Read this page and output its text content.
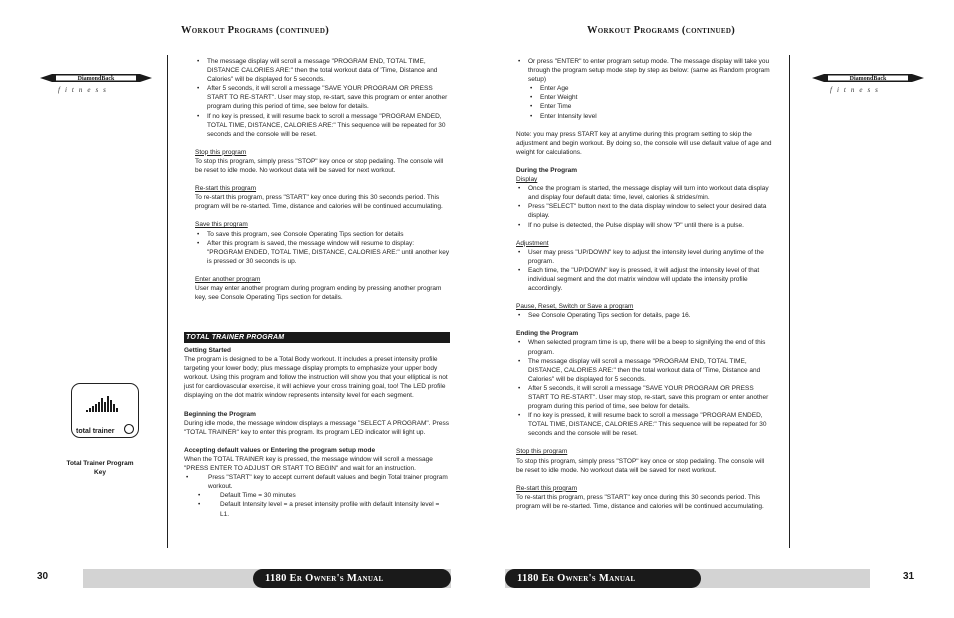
Workout Programs (continued)	Workout Programs (continued)
DiamondBack
fitness
DiamondBack
fitness
• The message display will scroll a message "PROGRAM END, TOTAL TIME, DISTANCE CALORIES ARE:" then the total workout data of 'Time, Distance and Calories" will be displayed for 5 seconds.
• After 5 seconds, it will scroll a message "SAVE YOUR PROGRAM OR PRESS START TO RE-START". User may stop, re-start, save this program or enter another program during this period of time, see below for details.
• If no key is pressed, it will resume back to scroll a message "PROGRAM ENDED, TOTAL TIME, DISTANCE, CALORIES ARE:" This sequence will be repeated for 30 seconds and the console will be reset.
Stop this program
To stop this program, simply press "STOP" key once or stop pedaling. The console will be reset to idle mode. No workout data will be saved for next workout.
Re-start this program
To re-start this program, press "START" key once during this 30 seconds period. This program will be re-started. Time, distance and calories will be continued accumulating.
Save this program
• To save this program, see Console Operating Tips section for details
• After this program is saved, the message window will resume to display: "PROGRAM ENDED, TOTAL TIME, DISTANCE, CALORIES ARE:" until another key is pressed or 30 seconds is up.
Enter another program
User may enter another program during program ending by pressing another program key, see Console Operating Tips section for details.
TOTAL TRAINER PROGRAM
Getting Started
The program is designed to be a Total Body workout. It includes a preset intensity profile targeting your lower body; plus message display prompts to emphasize your upper body workout. Using this program and follow the instruction will show you that your elliptical is not just for cardiovascular exercise, it will achieve your cross training goal, too! The LED profile displaying on the dot matrix window represents intensity level for each segment.
Beginning the Program
During idle mode, the message window displays a message "SELECT A PROGRAM". Press "TOTAL TRAINER" key to enter this program. Its program LED indicator will light up.
Accepting default values or Entering the program setup mode
When the TOTAL TRAINER key is pressed, the message window will scroll a message "PRESS ENTER TO ADJUST OR START TO BEGIN" and wait for an instruction.
• Press "START" key to accept current default values and begin Total trainer program workout.
• Default Time = 30 minutes
• Default Intensity level = a preset intensity profile with default Intensity level = L1.
total trainer
Total Trainer Program Key
• Or press "ENTER" to enter program setup mode. The message display will take you through the program setup mode step by step as below: (same as Random program setup)
• Enter Age
• Enter Weight
• Enter Time
• Enter Intensity level
Note: you may press START key at anytime during this program setting to skip the adjustment and begin workout. By doing so, the console will use default value of age and weight for calculations.
During the Program
Display
• Once the program is started, the message display will turn into workout data display and display four default data: time, level, calories & strides/min.
• Press "SELECT" button next to the data display window to select your desired data display.
• If no pulse is detected, the Pulse display will show "P" until there is a pulse.
Adjustment
• User may press "UP/DOWN" key to adjust the intensity level during anytime of the program.
• Each time, the "UP/DOWN" key is pressed, it will adjust the intensity level of that individual segment and the dot matrix window will update the intensity profile accordingly.
Pause, Reset, Switch or Save a program
• See Console Operating Tips section for details, page 16.
Ending the Program
• When selected program time is up, there will be a beep to signifying the end of this program.
• The message display will scroll a message "PROGRAM END, TOTAL TIME, DISTANCE, CALORIES ARE:" then the total workout data of 'Time, Distance and Calories" will be displayed for 5 seconds.
• After 5 seconds, it will scroll a message "SAVE YOUR PROGRAM OR PRESS START TO RE-START". User may stop, re-start, save this program or enter another program during this period of time, see below for details.
• If no key is pressed, it will resume back to scroll a message "PROGRAM ENDED, TOTAL TIME, DISTANCE, CALORIES ARE:" This sequence will be repeated for 30 seconds and the console will be reset.
Stop this program
To stop this program, simply press "STOP" key once or stop pedaling. The console will be reset to idle mode. No workout data will be saved for next workout.
Re-start this program
To re-start this program, press "START" key once during this 30 seconds period. This program will be re-started. Time, distance and calories will be continued accumulating.
1180 Er Owner's Manual	1180 Er Owner's Manual
30	31
